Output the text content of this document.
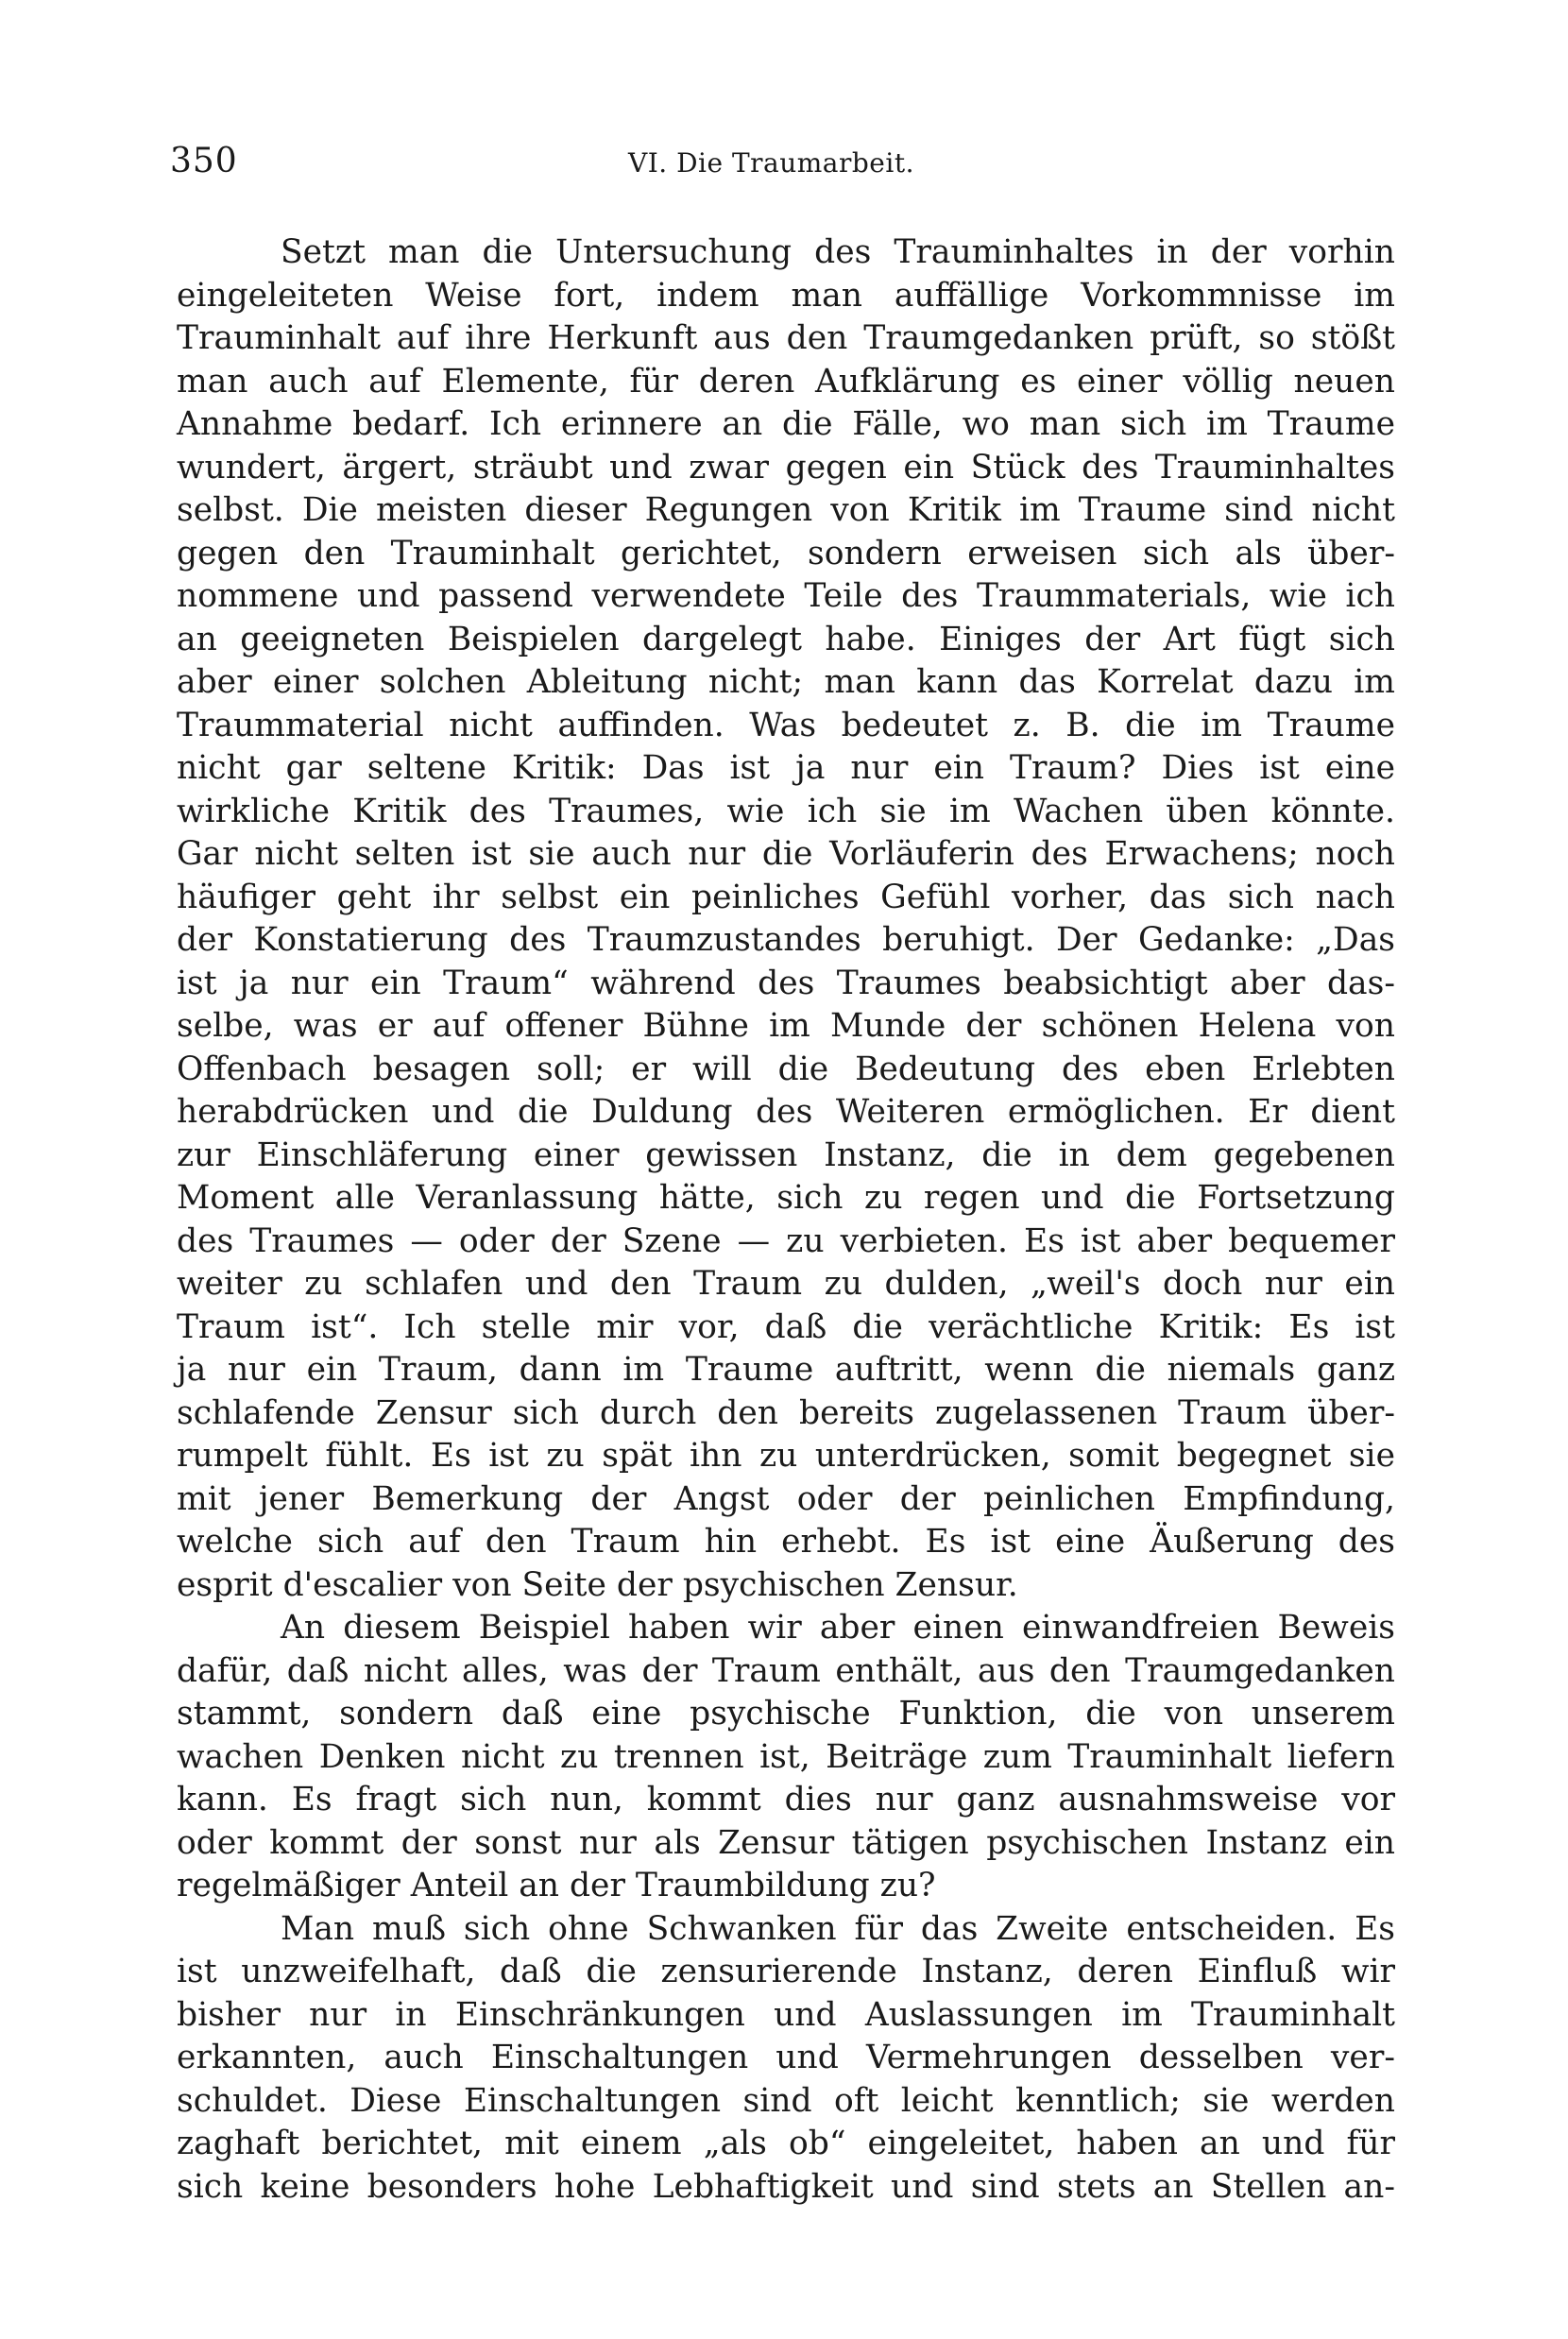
350	VI. Die Traumarbeit.
Setzt man die Untersuchung des Trauminhaltes in der vorhin
eingeleiteten Weise fort, indem man auffällige Vorkommnisse im
Trauminhalt auf ihre Herkunft aus den Traumgedanken prüft, so stößt
man auch auf Elemente, für deren Aufklärung es einer völlig neuen
Annahme bedarf. Ich erinnere an die Fälle, wo man sich im Traume
wundert, ärgert, sträubt und zwar gegen ein Stück des Trauminhaltes
selbst. Die meisten dieser Regungen von Kritik im Traume sind nicht
gegen den Trauminhalt gerichtet, sondern erweisen sich als über-
nommene und passend verwendete Teile des Traummaterials, wie ich
an geeigneten Beispielen dargelegt habe. Einiges der Art fügt sich
aber einer solchen Ableitung nicht; man kann das Korrelat dazu im
Traummaterial nicht auffinden. Was bedeutet z. B. die im Traume
nicht gar seltene Kritik: Das ist ja nur ein Traum? Dies ist eine
wirkliche Kritik des Traumes, wie ich sie im Wachen üben könnte.
Gar nicht selten ist sie auch nur die Vorläuferin des Erwachens; noch
häufiger geht ihr selbst ein peinliches Gefühl vorher, das sich nach
der Konstatierung des Traumzustandes beruhigt. Der Gedanke: „Das
ist ja nur ein Traum“ während des Traumes beabsichtigt aber das-
selbe, was er auf offener Bühne im Munde der schönen Helena von
Offenbach besagen soll; er will die Bedeutung des eben Erlebten
herabdrücken und die Duldung des Weiteren ermöglichen. Er dient
zur Einschläferung einer gewissen Instanz, die in dem gegebenen
Moment alle Veranlassung hätte, sich zu regen und die Fortsetzung
des Traumes — oder der Szene — zu verbieten. Es ist aber bequemer
weiter zu schlafen und den Traum zu dulden, „weil's doch nur ein
Traum ist“. Ich stelle mir vor, daß die verächtliche Kritik: Es ist
ja nur ein Traum, dann im Traume auftritt, wenn die niemals ganz
schlafende Zensur sich durch den bereits zugelassenen Traum über-
rumpelt fühlt. Es ist zu spät ihn zu unterdrücken, somit begegnet sie
mit jener Bemerkung der Angst oder der peinlichen Empfindung,
welche sich auf den Traum hin erhebt. Es ist eine Äußerung des
esprit d'escalier von Seite der psychischen Zensur.
An diesem Beispiel haben wir aber einen einwandfreien Beweis
dafür, daß nicht alles, was der Traum enthält, aus den Traumgedanken
stammt, sondern daß eine psychische Funktion, die von unserem
wachen Denken nicht zu trennen ist, Beiträge zum Trauminhalt liefern
kann. Es fragt sich nun, kommt dies nur ganz ausnahmsweise vor
oder kommt der sonst nur als Zensur tätigen psychischen Instanz ein
regelmäßiger Anteil an der Traumbildung zu?
Man muß sich ohne Schwanken für das Zweite entscheiden. Es
ist unzweifelhaft, daß die zensurierende Instanz, deren Einfluß wir
bisher nur in Einschränkungen und Auslassungen im Trauminhalt
erkannten, auch Einschaltungen und Vermehrungen desselben ver-
schuldet. Diese Einschaltungen sind oft leicht kenntlich; sie werden
zaghaft berichtet, mit einem „als ob“ eingeleitet, haben an und für
sich keine besonders hohe Lebhaftigkeit und sind stets an Stellen an-
